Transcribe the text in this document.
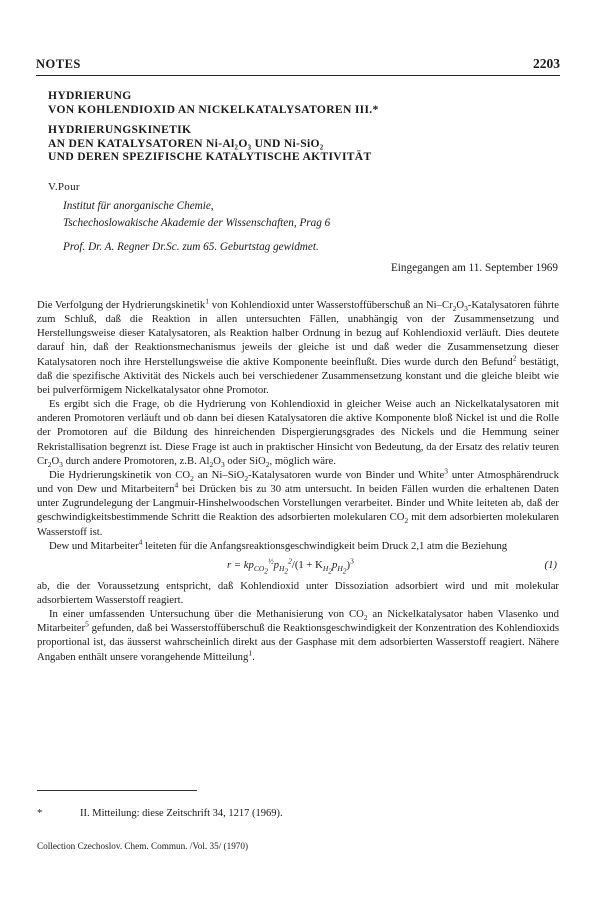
NOTES	2203
HYDRIERUNG
VON KOHLENDIOXID AN NICKELKATALYSATOREN III.*
HYDRIERUNGSKINETIK
AN DEN KATALYSATOREN Ni-Al₂O₃ UND Ni-SiO₂
UND DEREN SPEZIFISCHE KATALYTISCHE AKTIVITÄT
V.Pour
Institut für anorganische Chemie,
Tschechoslowakische Akademie der Wissenschaften, Prag 6
Prof. Dr. A. Regner Dr.Sc. zum 65. Geburtstag gewidmet.
Eingegangen am 11. September 1969

Die Verfolgung der Hydrierungskinetik$^1$ von Kohlendioxid unter Wasserstoffüberschuß an $Ni-Cr_2O_3$-Katalysatoren führte zum Schluß, daß die Reaktion in allen untersuchten Fällen, unabhängig von der Zusammensetzung und Herstellungsweise dieser Katalysatoren, als Reaktion halber Ordnung in bezug auf Kohlendioxid verläuft. Dies deutete darauf hin, daß der Reaktionsmechanismus jeweils der gleiche ist und daß weder die Zusammensetzung dieser Katalysatoren noch ihre Herstellungsweise die aktive Komponente beeinflußt. Dies wurde durch den Befund$^2$ bestätigt, daß die spezifische Aktivität des Nickels auch bei verschiedener Zusammensetzung konstant und die gleiche bleibt wie bei pulverförmigem Nickelkatalysator ohne Promotor.

Es ergibt sich die Frage, ob die Hydrierung von Kohlendioxid in gleicher Weise auch an Nickelkatalysatoren mit anderen Promotoren verläuft und ob dann bei diesen Katalysatoren die aktive Komponente bloß Nickel ist und die Rolle der Promotoren auf die Bildung des hinreichenden Dispergierungsgrades des Nickels und die Hemmung seiner Rekristallisation begrenzt ist. Diese Frage ist auch in praktischer Hinsicht von Bedeutung, da der Ersatz des relativ teuren $Cr_2O_3$ durch andere Promotoren, z.B. $Al_2O_3$ oder SiO$_2$, möglich wäre.

Die Hydrierungskinetik von $CO_2$ an Ni–SiO$_2$-Katalysatoren wurde von Binder und White$^3$ unter Atmosphärendruck und von Dew und Mitarbeitern$^4$ bei Drücken bis zu 30 atm untersucht. In beiden Fällen wurden die erhaltenen Daten unter Zugrundelegung der Langmuir-Hinshelwoodschen Vorstellungen verarbeitet. Binder und White leiteten ab, daß der geschwindigkeitsbestimmende Schritt die Reaktion des adsorbierten molekularen $CO_2$ mit dem adsorbierten molekularen Wasserstoff ist.

Dew und Mitarbeiter$^4$ leiteten für die Anfangsreaktionsgeschwindigkeit beim Druck 2,1 atm die Beziehung

$r = kp_{CO_2}^{\frac{1}{2}}p_{H_2}^2/(1 + K_{H_2}p_{H_2})^3$	(1)

ab, die der Voraussetzung entspricht, daß Kohlendioxid unter Dissoziation adsorbiert wird und mit molekular adsorbiertem Wasserstoff reagiert.

In einer umfassenden Untersuchung über die Methanisierung von $CO_2$ an Nickelkatalysator haben Vlasenko und Mitarbeiter$^5$ gefunden, daß bei Wasserstoffüberschuß die Reaktionsgeschwindigkeit der Konzentration des Kohlendioxids proportional ist, das äusserst wahrscheinlich direkt aus der Gasphase mit dem adsorbierten Wasserstoff reagiert. Nähere Angaben enthält unsere vorangehende Mitteilung$^1$.

*	II. Mitteilung: diese Zeitschrift 34, 1217 (1969).
Collection Czechoslov. Chem. Commun. /Vol. 35/ (1970)
